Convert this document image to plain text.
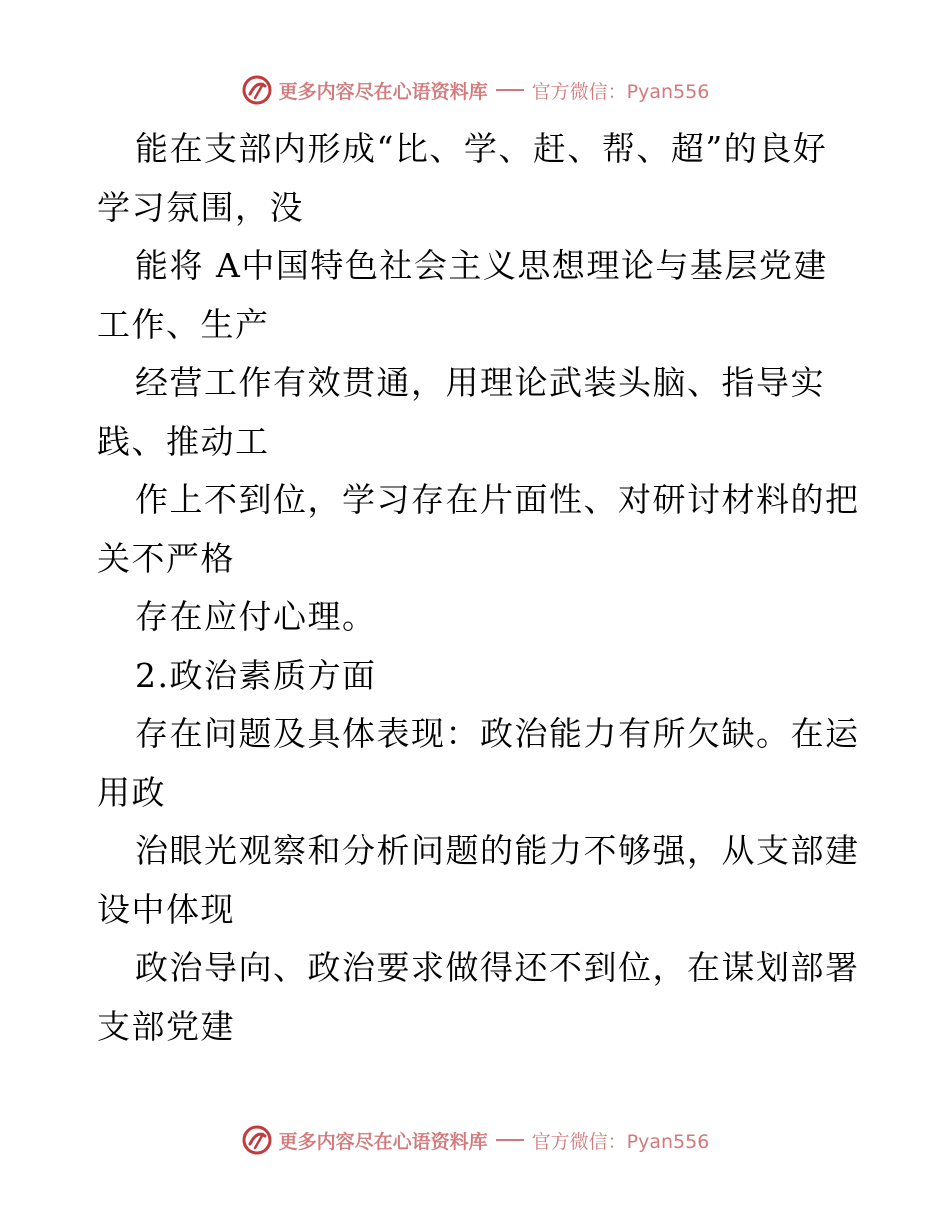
更多内容尽在心语资料库 官方微信：Pyan556
能在支部内形成“比、学、赶、帮、超”的良好
学习氛围，没
能将 A中国特色社会主义思想理论与基层党建
工作、生产
经营工作有效贯通，用理论武装头脑、指导实
践、推动工
作上不到位，学习存在片面性、对研讨材料的把
关不严格
存在应付心理。
2.政治素质方面
存在问题及具体表现：政治能力有所欠缺。在运
用政
治眼光观察和分析问题的能力不够强，从支部建
设中体现
政治导向、政治要求做得还不到位，在谋划部署
支部党建
更多内容尽在心语资料库 官方微信：Pyan556
